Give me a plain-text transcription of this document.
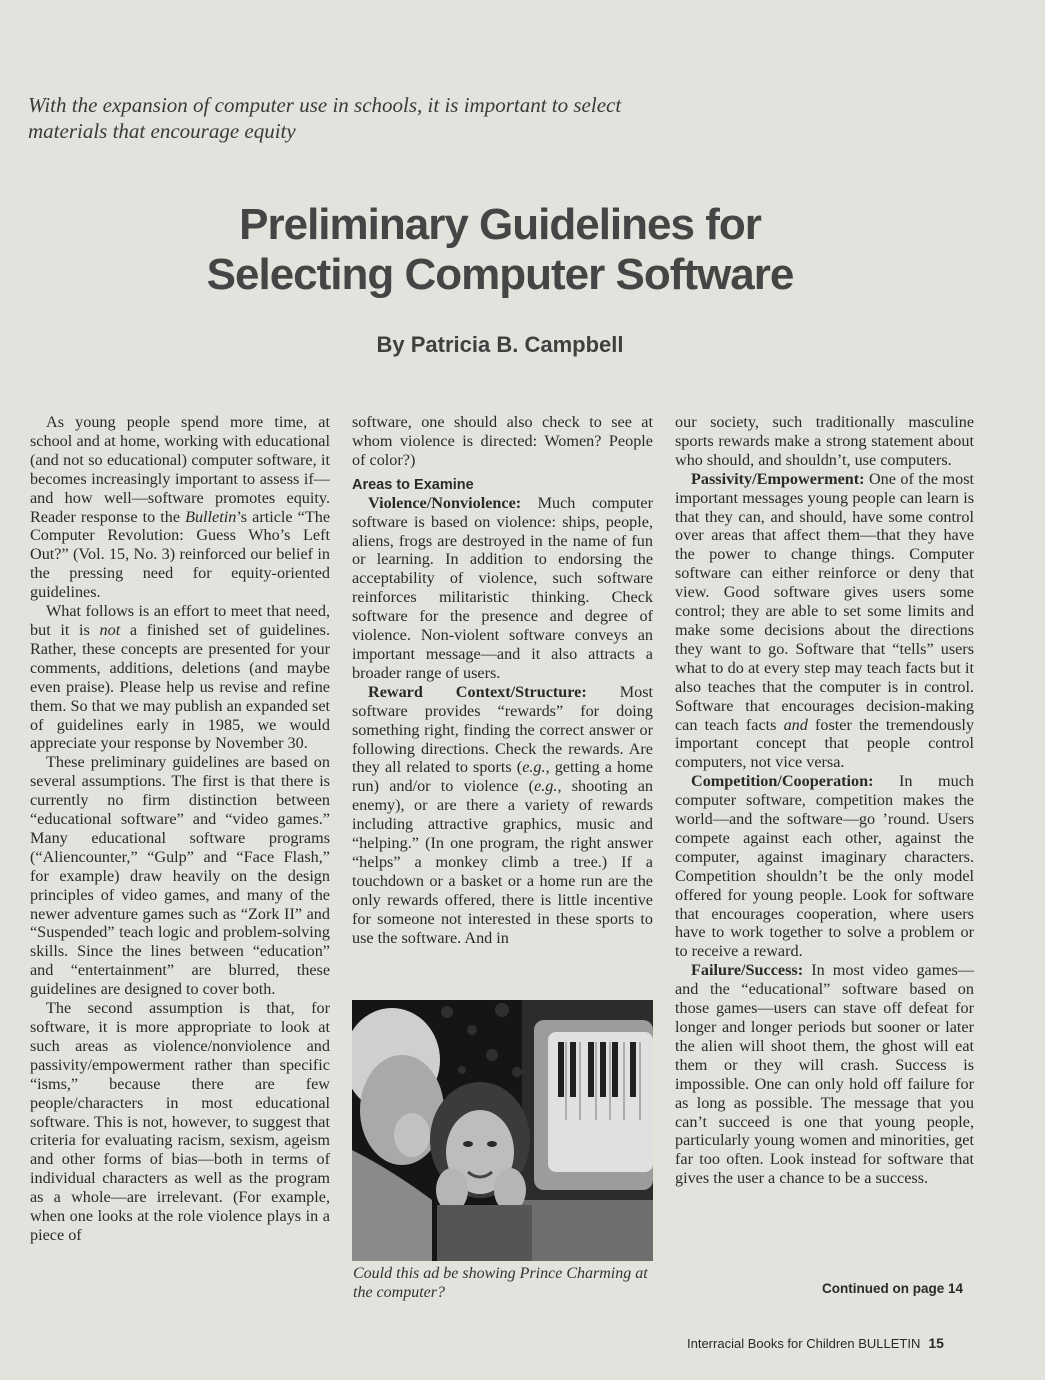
With the expansion of computer use in schools, it is important to select materials that encourage equity
Preliminary Guidelines for
Selecting Computer Software
By Patricia B. Campbell

As young people spend more time, at school and at home, working with educational (and not so educational) computer software, it becomes increasingly important to assess if—and how well—software promotes equity. Reader response to the Bulletin’s article “The Computer Revolution: Guess Who’s Left Out?” (Vol. 15, No. 3) reinforced our belief in the pressing need for equity-oriented guidelines.

What follows is an effort to meet that need, but it is not a finished set of guidelines. Rather, these concepts are presented for your comments, additions, deletions (and maybe even praise). Please help us revise and refine them. So that we may publish an expanded set of guidelines early in 1985, we would appreciate your response by November 30.

These preliminary guidelines are based on several assumptions. The first is that there is currently no firm distinction between “educational software” and “video games.” Many educational software programs (“Aliencounter,” “Gulp” and “Face Flash,” for example) draw heavily on the design principles of video games, and many of the newer adventure games such as “Zork II” and “Suspended” teach logic and problem-solving skills. Since the lines between “education” and “entertainment” are blurred, these guidelines are designed to cover both.

The second assumption is that, for software, it is more appropriate to look at such areas as violence/nonviolence and passivity/empowerment rather than specific “isms,” because there are few people/characters in most educational software. This is not, however, to suggest that criteria for evaluating racism, sexism, ageism and other forms of bias—both in terms of individual characters as well as the program as a whole—are irrelevant. (For example, when one looks at the role violence plays in a piece of

software, one should also check to see at whom violence is directed: Women? People of color?)

Areas to Examine

Violence/Nonviolence: Much computer software is based on violence: ships, people, aliens, frogs are destroyed in the name of fun or learning. In addition to endorsing the acceptability of violence, such software reinforces militaristic thinking. Check software for the presence and degree of violence. Non-violent software conveys an important message—and it also attracts a broader range of users.

Reward Context/Structure: Most software provides “rewards” for doing something right, finding the correct answer or following directions. Check the rewards. Are they all related to sports (e.g., getting a home run) and/or to violence (e.g., shooting an enemy), or are there a variety of rewards including attractive graphics, music and “helping.” (In one program, the right answer “helps” a monkey climb a tree.) If a touchdown or a basket or a home run are the only rewards offered, there is little incentive for someone not interested in these sports to use the software. And in

Could this ad be showing Prince Charming at the computer?

our society, such traditionally masculine sports rewards make a strong statement about who should, and shouldn’t, use computers.

Passivity/Empowerment: One of the most important messages young people can learn is that they can, and should, have some control over areas that affect them—that they have the power to change things. Computer software can either reinforce or deny that view. Good software gives users some control; they are able to set some limits and make some decisions about the directions they want to go. Software that “tells” users what to do at every step may teach facts but it also teaches that the computer is in control. Software that encourages decision-making can teach facts and foster the tremendously important concept that people control computers, not vice versa.

Competition/Cooperation: In much computer software, competition makes the world—and the software—go ’round. Users compete against each other, against the computer, against imaginary characters. Competition shouldn’t be the only model offered for young people. Look for software that encourages cooperation, where users have to work together to solve a problem or to receive a reward.

Failure/Success: In most video games—and the “educational” software based on those games—users can stave off defeat for longer and longer periods but sooner or later the alien will shoot them, the ghost will eat them or they will crash. Success is impossible. One can only hold off failure for as long as possible. The message that you can’t succeed is one that young people, particularly young women and minorities, get far too often. Look instead for software that gives the user a chance to be a success.

Continued on page 14
Interracial Books for Children BULLETIN 15
